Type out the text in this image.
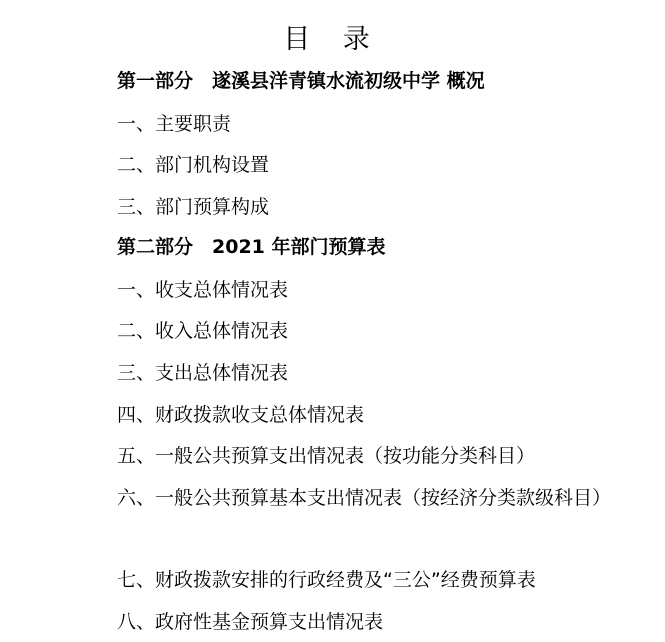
目 录
第一部分　遂溪县洋青镇水流初级中学 概况
一、主要职责
二、部门机构设置
三、部门预算构成
第二部分　2021 年部门预算表
一、收支总体情况表
二、收入总体情况表
三、支出总体情况表
四、财政拨款收支总体情况表
五、一般公共预算支出情况表（按功能分类科目）
六、一般公共预算基本支出情况表（按经济分类款级科目）
七、财政拨款安排的行政经费及“三公”经费预算表
八、政府性基金预算支出情况表
